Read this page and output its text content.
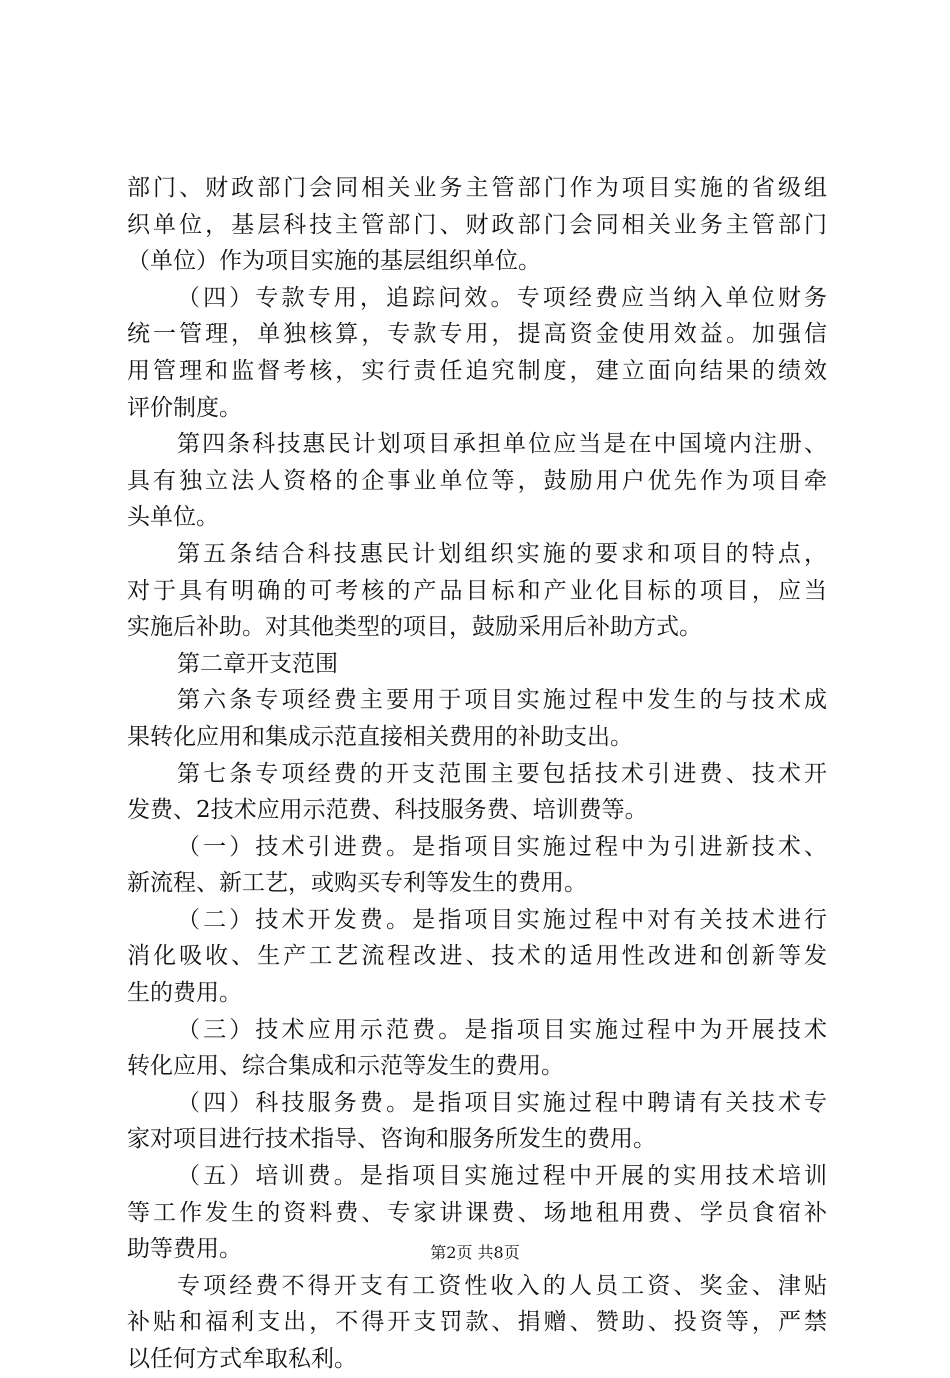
部门、财政部门会同相关业务主管部门作为项目实施的省级组
织单位，基层科技主管部门、财政部门会同相关业务主管部门
（单位）作为项目实施的基层组织单位。
（四）专款专用，追踪问效。专项经费应当纳入单位财务
统一管理，单独核算，专款专用，提高资金使用效益。加强信
用管理和监督考核，实行责任追究制度，建立面向结果的绩效
评价制度。
第四条科技惠民计划项目承担单位应当是在中国境内注册、
具有独立法人资格的企事业单位等，鼓励用户优先作为项目牵
头单位。
第五条结合科技惠民计划组织实施的要求和项目的特点，
对于具有明确的可考核的产品目标和产业化目标的项目，应当
实施后补助。对其他类型的项目，鼓励采用后补助方式。
第二章开支范围
第六条专项经费主要用于项目实施过程中发生的与技术成
果转化应用和集成示范直接相关费用的补助支出。
第七条专项经费的开支范围主要包括技术引进费、技术开
发费、2技术应用示范费、科技服务费、培训费等。
（一）技术引进费。是指项目实施过程中为引进新技术、
新流程、新工艺，或购买专利等发生的费用。
（二）技术开发费。是指项目实施过程中对有关技术进行
消化吸收、生产工艺流程改进、技术的适用性改进和创新等发
生的费用。
（三）技术应用示范费。是指项目实施过程中为开展技术
转化应用、综合集成和示范等发生的费用。
（四）科技服务费。是指项目实施过程中聘请有关技术专
家对项目进行技术指导、咨询和服务所发生的费用。
（五）培训费。是指项目实施过程中开展的实用技术培训
等工作发生的资料费、专家讲课费、场地租用费、学员食宿补
助等费用。
专项经费不得开支有工资性收入的人员工资、奖金、津贴
补贴和福利支出，不得开支罚款、捐赠、赞助、投资等，严禁
以任何方式牟取私利。
第2页 共8页
